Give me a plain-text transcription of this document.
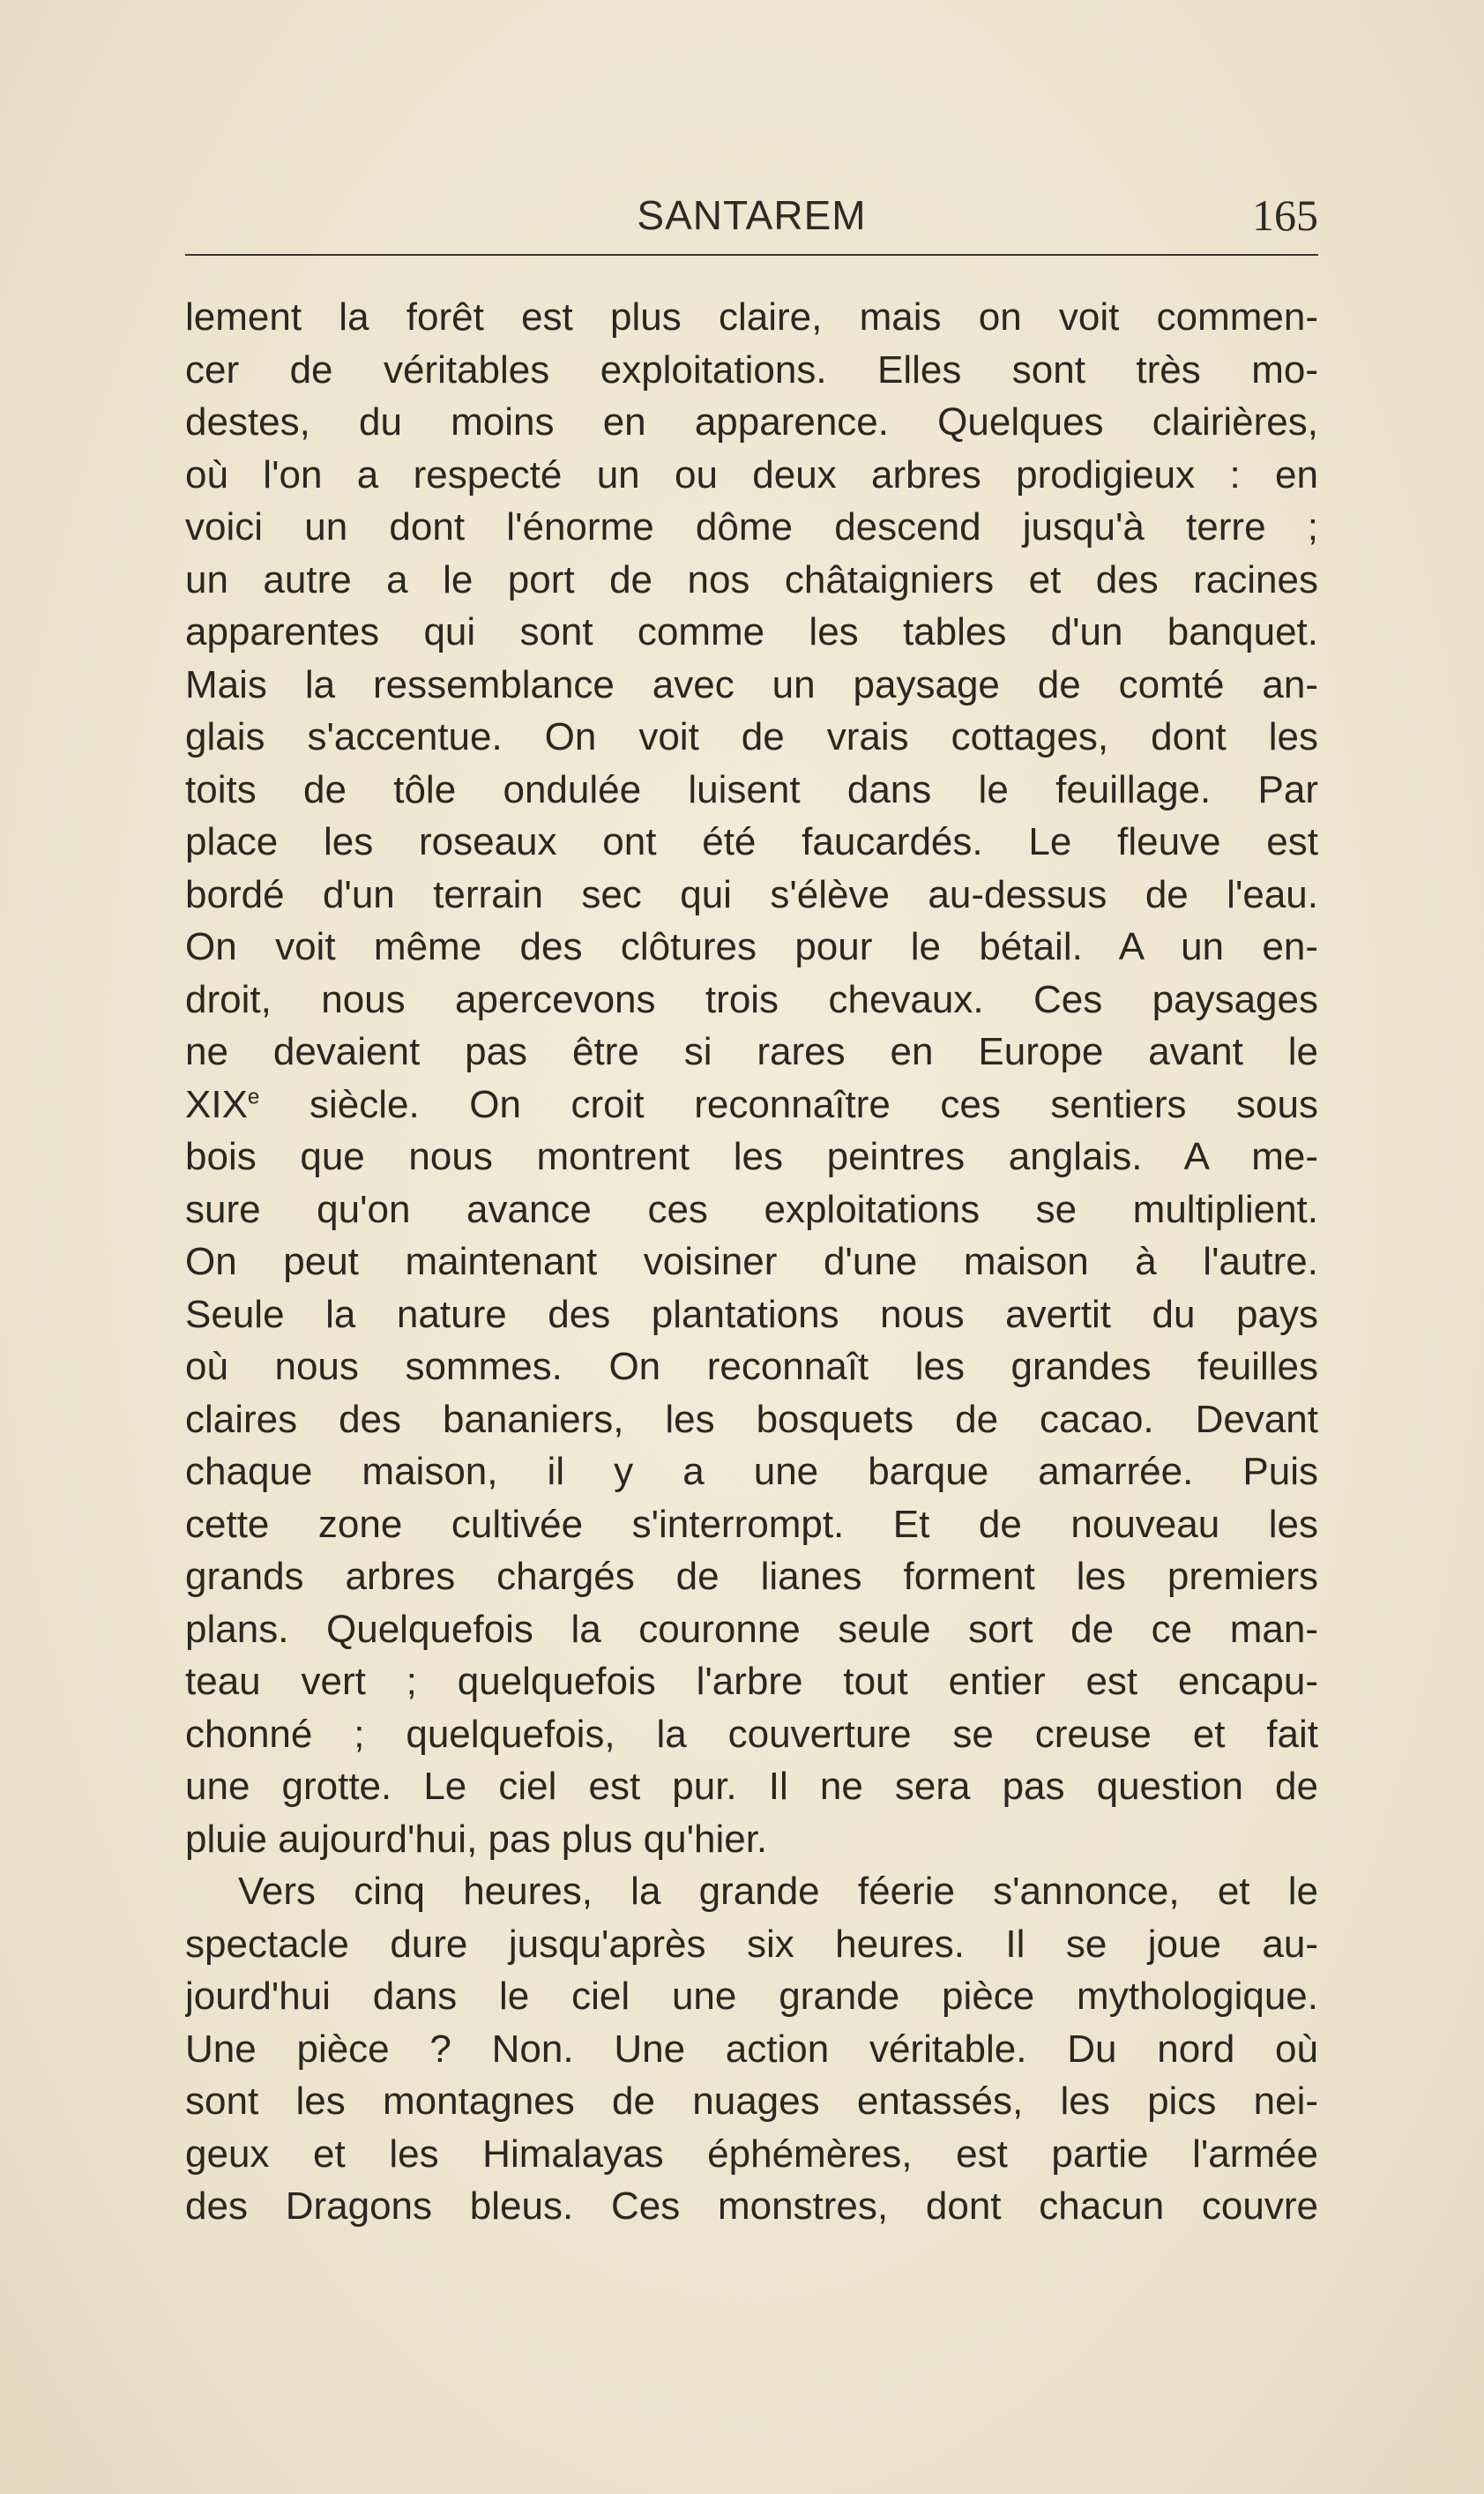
SANTAREM	165
lement la forêt est plus claire, mais on voit commen-
cer de véritables exploitations. Elles sont très mo-
destes, du moins en apparence. Quelques clairières,
où l'on a respecté un ou deux arbres prodigieux : en
voici un dont l'énorme dôme descend jusqu'à terre ;
un autre a le port de nos châtaigniers et des racines
apparentes qui sont comme les tables d'un banquet.
Mais la ressemblance avec un paysage de comté an-
glais s'accentue. On voit de vrais cottages, dont les
toits de tôle ondulée luisent dans le feuillage. Par
place les roseaux ont été faucardés. Le fleuve est
bordé d'un terrain sec qui s'élève au-dessus de l'eau.
On voit même des clôtures pour le bétail. A un en-
droit, nous apercevons trois chevaux. Ces paysages
ne devaient pas être si rares en Europe avant le
XIXe siècle. On croit reconnaître ces sentiers sous
bois que nous montrent les peintres anglais. A me-
sure qu'on avance ces exploitations se multiplient.
On peut maintenant voisiner d'une maison à l'autre.
Seule la nature des plantations nous avertit du pays
où nous sommes. On reconnaît les grandes feuilles
claires des bananiers, les bosquets de cacao. Devant
chaque maison, il y a une barque amarrée. Puis
cette zone cultivée s'interrompt. Et de nouveau les
grands arbres chargés de lianes forment les premiers
plans. Quelquefois la couronne seule sort de ce man-
teau vert ; quelquefois l'arbre tout entier est encapu-
chonné ; quelquefois, la couverture se creuse et fait
une grotte. Le ciel est pur. Il ne sera pas question de
pluie aujourd'hui, pas plus qu'hier.
Vers cinq heures, la grande féerie s'annonce, et le
spectacle dure jusqu'après six heures. Il se joue au-
jourd'hui dans le ciel une grande pièce mythologique.
Une pièce ? Non. Une action véritable. Du nord où
sont les montagnes de nuages entassés, les pics nei-
geux et les Himalayas éphémères, est partie l'armée
des Dragons bleus. Ces monstres, dont chacun couvre
